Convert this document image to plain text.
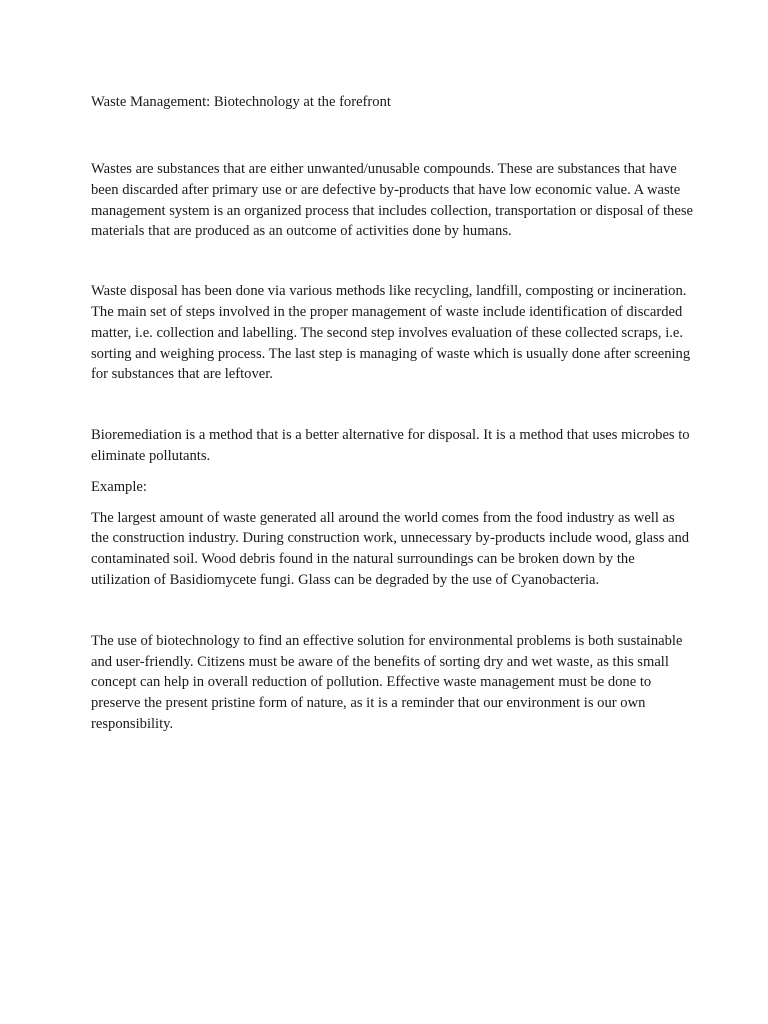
Waste Management: Biotechnology at the forefront

Wastes are substances that are either unwanted/unusable compounds. These are substances that have been discarded after primary use or are defective by-products that have low economic value. A waste management system is an organized process that includes collection, transportation or disposal of these materials that are produced as an outcome of activities done by humans.

Waste disposal has been done via various methods like recycling, landfill, composting or incineration. The main set of steps involved in the proper management of waste include identification of discarded matter, i.e. collection and labelling. The second step involves evaluation of these collected scraps, i.e. sorting and weighing process. The last step is managing of waste which is usually done after screening for substances that are leftover.

Bioremediation is a method that is a better alternative for disposal. It is a method that uses microbes to eliminate pollutants.

Example:

The largest amount of waste generated all around the world comes from the food industry as well as the construction industry. During construction work, unnecessary by-products include wood, glass and contaminated soil. Wood debris found in the natural surroundings can be broken down by the utilization of Basidiomycete fungi. Glass can be degraded by the use of Cyanobacteria.

The use of biotechnology to find an effective solution for environmental problems is both sustainable and user-friendly. Citizens must be aware of the benefits of sorting dry and wet waste, as this small concept can help in overall reduction of pollution. Effective waste management must be done to preserve the present pristine form of nature, as it is a reminder that our environment is our own responsibility.
